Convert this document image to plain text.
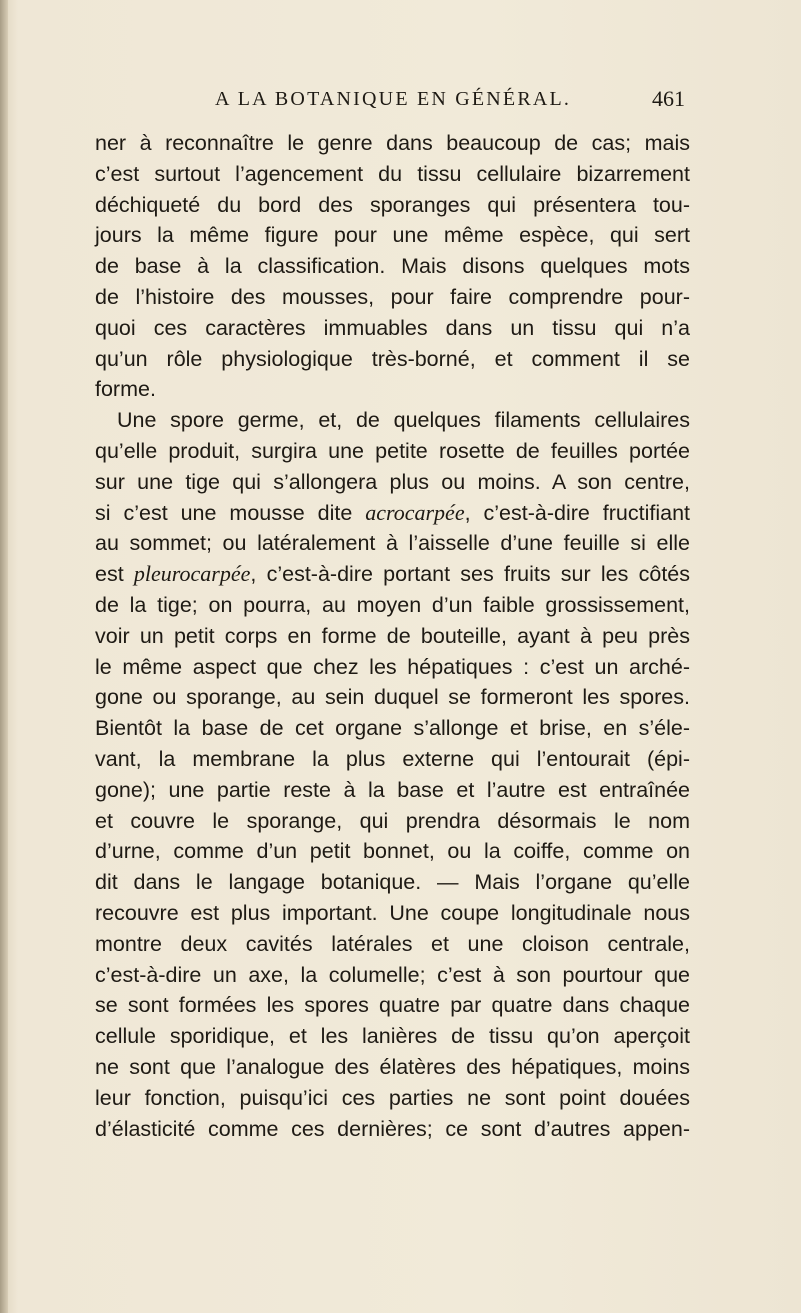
A LA BOTANIQUE EN GÉNÉRAL.	461
ner à reconnaître le genre dans beaucoup de cas; mais
c’est surtout l’agencement du tissu cellulaire bizarrement
déchiqueté du bord des sporanges qui présentera tou-
jours la même figure pour une même espèce, qui sert
de base à la classification. Mais disons quelques mots
de l’histoire des mousses, pour faire comprendre pour-
quoi ces caractères immuables dans un tissu qui n’a
qu’un rôle physiologique très-borné, et comment il se
forme.
Une spore germe, et, de quelques filaments cellulaires
qu’elle produit, surgira une petite rosette de feuilles portée
sur une tige qui s’allongera plus ou moins. A son centre,
si c’est une mousse dite acrocarpée, c’est-à-dire fructifiant
au sommet; ou latéralement à l’aisselle d’une feuille si elle
est pleurocarpée, c’est-à-dire portant ses fruits sur les côtés
de la tige; on pourra, au moyen d’un faible grossissement,
voir un petit corps en forme de bouteille, ayant à peu près
le même aspect que chez les hépatiques : c’est un arché-
gone ou sporange, au sein duquel se formeront les spores.
Bientôt la base de cet organe s’allonge et brise, en s’éle-
vant, la membrane la plus externe qui l’entourait (épi-
gone); une partie reste à la base et l’autre est entraînée
et couvre le sporange, qui prendra désormais le nom
d’urne, comme d’un petit bonnet, ou la coiffe, comme on
dit dans le langage botanique. — Mais l’organe qu’elle
recouvre est plus important. Une coupe longitudinale nous
montre deux cavités latérales et une cloison centrale,
c’est-à-dire un axe, la columelle; c’est à son pourtour que
se sont formées les spores quatre par quatre dans chaque
cellule sporidique, et les lanières de tissu qu’on aperçoit
ne sont que l’analogue des élatères des hépatiques, moins
leur fonction, puisqu’ici ces parties ne sont point douées
d’élasticité comme ces dernières; ce sont d’autres appen-
